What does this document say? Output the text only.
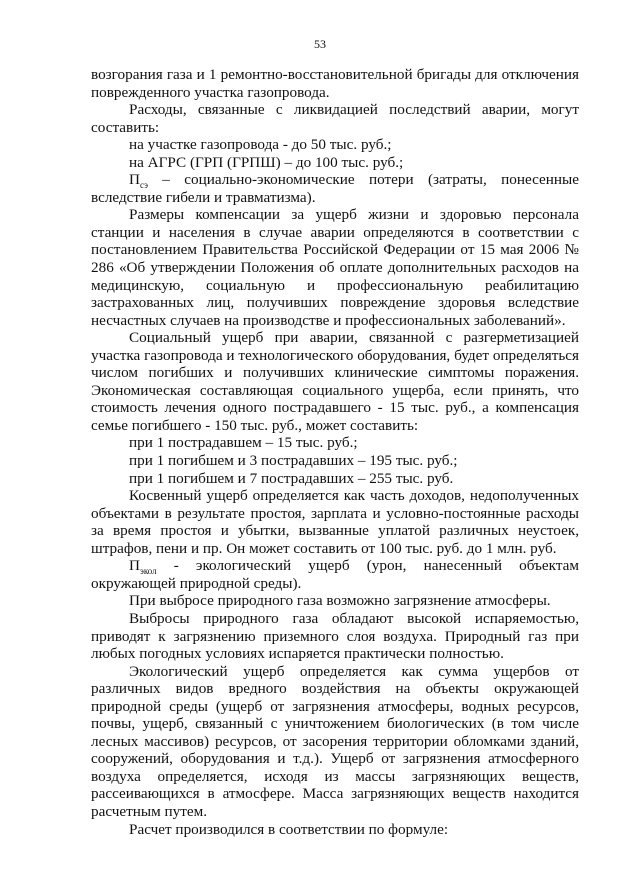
53

возгорания газа и 1 ремонтно-восстановительной бригады для отключения поврежденного участка газопровода.

Расходы, связанные с ликвидацией последствий аварии, могут составить:

на участке газопровода - до 50 тыс. руб.;

на АГРС (ГРП (ГРПШ) – до 100 тыс. руб.;

$П_{сэ}$ – социально-экономические потери (затраты, понесенные вследствие гибели и травматизма).

Размеры компенсации за ущерб жизни и здоровью персонала станции и населения в случае аварии определяются в соответствии с постановлением Правительства Российской Федерации от 15 мая 2006 № 286 «Об утверждении Положения об оплате дополнительных расходов на медицинскую, социальную и профессиональную реабилитацию застрахованных лиц, получивших повреждение здоровья вследствие несчастных случаев на производстве и профессиональных заболеваний».

Социальный ущерб при аварии, связанной с разгерметизацией участка газопровода и технологического оборудования, будет определяться числом погибших и получивших клинические симптомы поражения. Экономическая составляющая социального ущерба, если принять, что стоимость лечения одного пострадавшего - 15 тыс. руб., а компенсация семье погибшего - 150 тыс. руб., может составить:

при 1 пострадавшем – 15 тыс. руб.;

при 1 погибшем и 3 пострадавших – 195 тыс. руб.;

при 1 погибшем и 7 пострадавших – 255 тыс. руб.

Косвенный ущерб определяется как часть доходов, недополученных объектами в результате простоя, зарплата и условно-постоянные расходы за время простоя и убытки, вызванные уплатой различных неустоек, штрафов, пени и пр. Он может составить от 100 тыс. руб. до 1 млн. руб.

$П_{экол}$ - экологический ущерб (урон, нанесенный объектам окружающей природной среды).

При выбросе природного газа возможно загрязнение атмосферы.

Выбросы природного газа обладают высокой испаряемостью, приводят к загрязнению приземного слоя воздуха. Природный газ при любых погодных условиях испаряется практически полностью.

Экологический ущерб определяется как сумма ущербов от различных видов вредного воздействия на объекты окружающей природной среды (ущерб от загрязнения атмосферы, водных ресурсов, почвы, ущерб, связанный с уничтожением биологических (в том числе лесных массивов) ресурсов, от засорения территории обломками зданий, сооружений, оборудования и т.д.). Ущерб от загрязнения атмосферного воздуха определяется, исходя из массы загрязняющих веществ, рассеивающихся в атмосфере. Масса загрязняющих веществ находится расчетным путем.

Расчет производился в соответствии по формуле:
